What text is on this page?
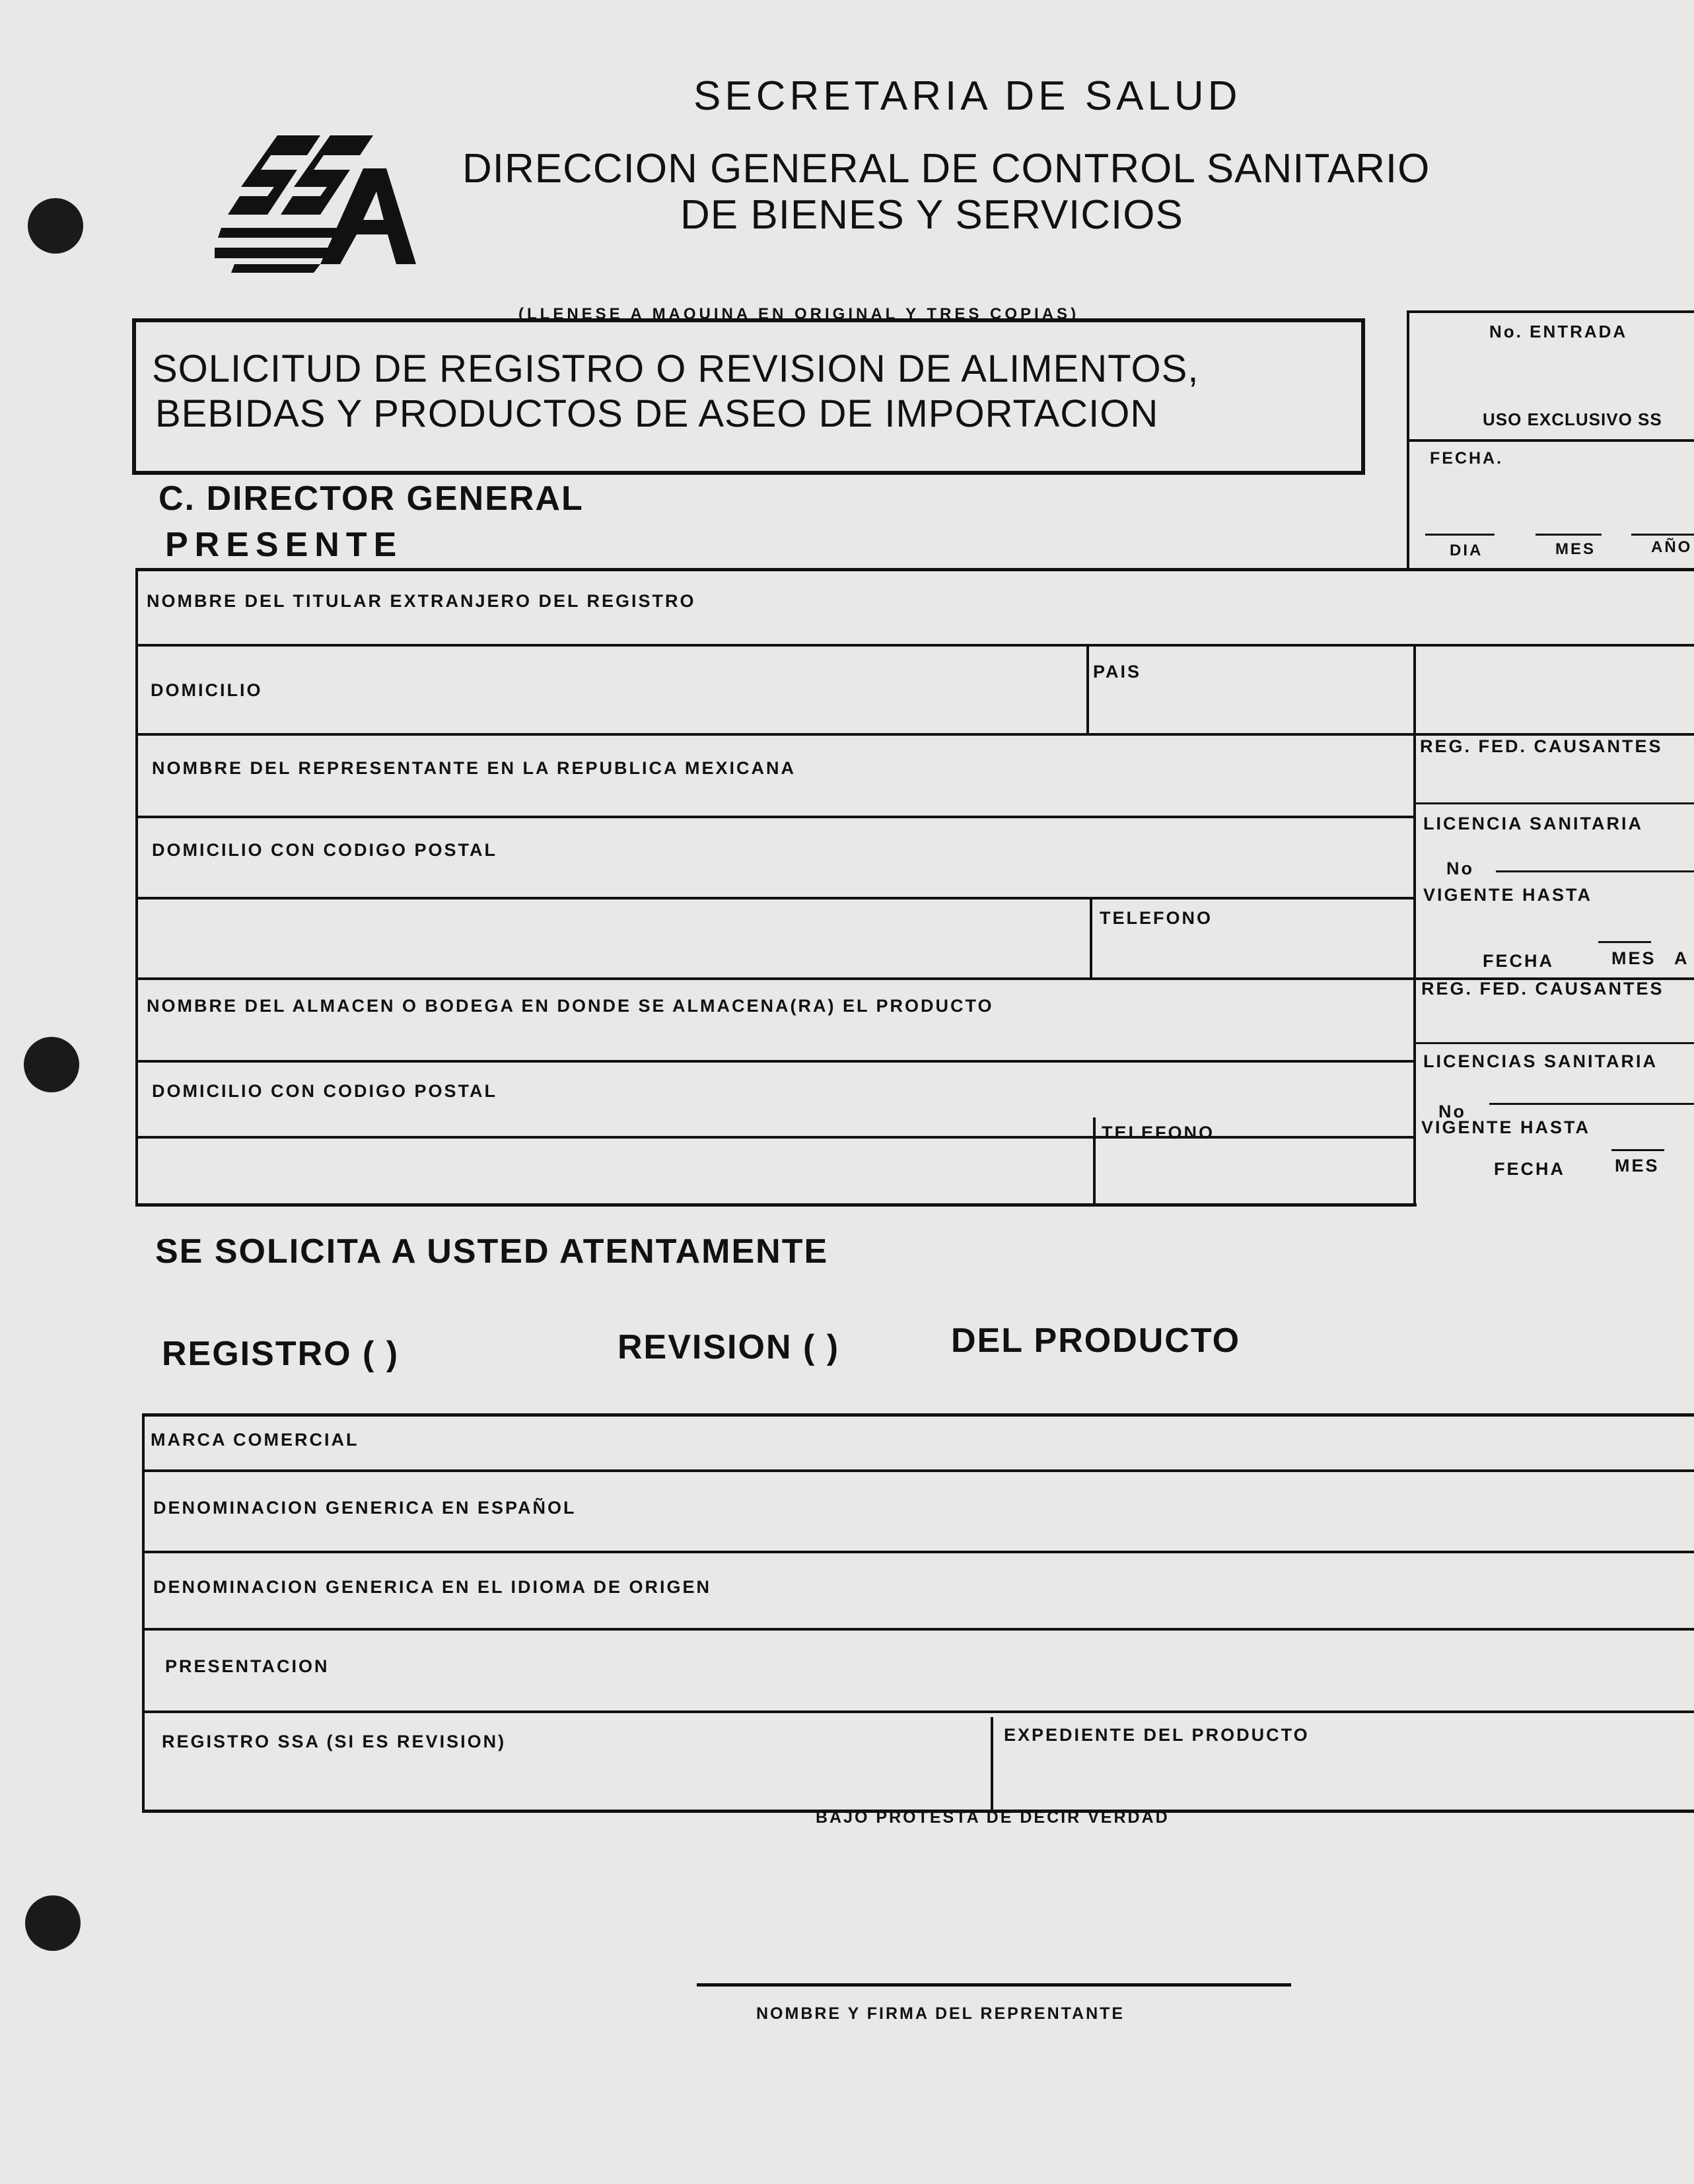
SECRETARIA DE SALUD
DIRECCION GENERAL DE CONTROL SANITARIO
DE BIENES Y SERVICIOS
(LLENESE A MAQUINA EN ORIGINAL Y TRES COPIAS)
SOLICITUD DE REGISTRO O REVISION DE ALIMENTOS,
BEBIDAS Y PRODUCTOS DE ASEO DE IMPORTACION
C. DIRECTOR GENERAL
PRESENTE
No. ENTRADA
USO EXCLUSIVO SS
FECHA.
DIA	MES	AÑO
NOMBRE DEL TITULAR EXTRANJERO DEL REGISTRO
DOMICILIO
PAIS
NOMBRE DEL REPRESENTANTE EN LA REPUBLICA MEXICANA
DOMICILIO CON CODIGO POSTAL
TELEFONO
REG. FED. CAUSANTES
LICENCIA SANITARIA
No
VIGENTE HASTA
FECHA	MES A
NOMBRE DEL ALMACEN O BODEGA EN DONDE SE ALMACENA(RA) EL PRODUCTO
DOMICILIO CON CODIGO POSTAL
TELEFONO
REG. FED. CAUSANTES
LICENCIAS SANITARIA
No
VIGENTE HASTA
FECHA	MES
SE SOLICITA A USTED ATENTAMENTE
REGISTRO ( )	REVISION ( )	DEL PRODUCTO
MARCA COMERCIAL
DENOMINACION GENERICA EN ESPAÑOL
DENOMINACION GENERICA EN EL IDIOMA DE ORIGEN
PRESENTACION
REGISTRO SSA (SI ES REVISION)	EXPEDIENTE DEL PRODUCTO
BAJO PROTESTA DE DECIR VERDAD
NOMBRE Y FIRMA DEL REPRENTANTE
